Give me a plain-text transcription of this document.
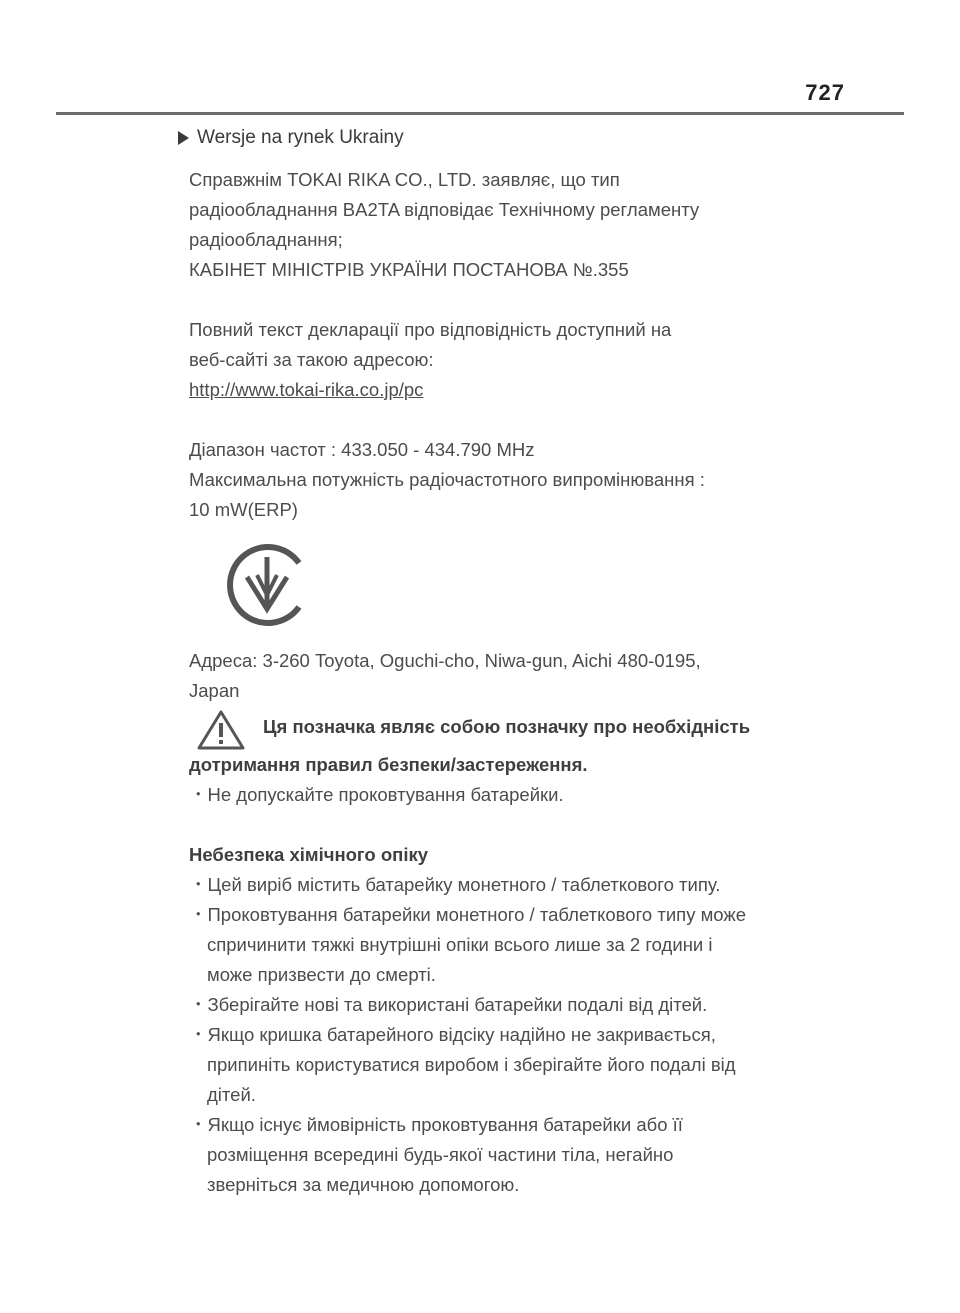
727
Wersje na rynek Ukrainy

Справжнім TOKAI RIKA CO., LTD. заявляє, що тип

радіообладнання BA2TA відповідає Технічному регламенту

радіообладнання;

КАБІНЕТ МІНІСТРІВ УКРАЇНИ ПОСТАНОВА №.355

Повний текст декларації про відповідність доступний на

веб-сайті за такою адресою:

http://www.tokai-rika.co.jp/pc

Діапазон частот : 433.050 - 434.790 MHz

Максимальна потужність радіочастотного випромінювання :

10 mW(ERP)

Адреса: 3-260 Toyota, Oguchi-cho, Niwa-gun, Aichi 480-0195,

Japan

Ця позначка являє собою позначку про необхідність

дотримання правил безпеки/застереження.

・Не допускайте проковтування батарейки.

Небезпека хімічного опіку

・Цей виріб містить батарейку монетного / таблеткового типу.

・Проковтування батарейки монетного / таблеткового типу може

спричинити тяжкі внутрішні опіки всього лише за 2 години і

може призвести до смерті.

・Зберігайте нові та використані батарейки подалі від дітей.

・Якщо кришка батарейного відсіку надійно не закривається,

припиніть користуватися виробом і зберігайте його подалі від

дітей.

・Якщо існує ймовірність проковтування батарейки або її

розміщення всередині будь-якої частини тіла, негайно

зверніться за медичною допомогою.
